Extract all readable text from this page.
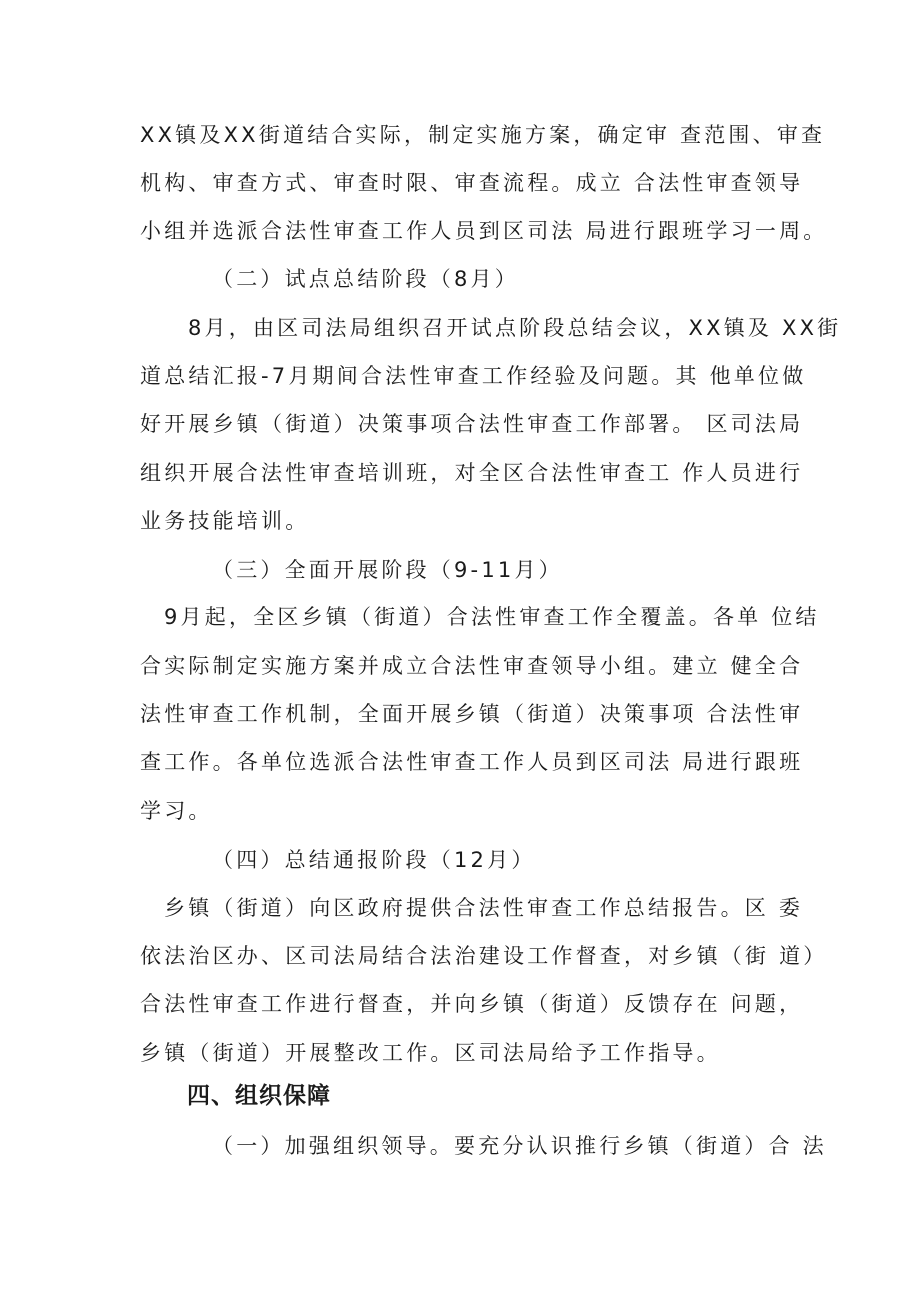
XX镇及XX街道结合实际，制定实施方案，确定审 查范围、审查
机构、审查方式、审查时限、审查流程。成立 合法性审查领导
小组并选派合法性审查工作人员到区司法 局进行跟班学习一周。
（二）试点总结阶段（8月）
8月，由区司法局组织召开试点阶段总结会议，XX镇及 XX街
道总结汇报-7月期间合法性审查工作经验及问题。其 他单位做
好开展乡镇（街道）决策事项合法性审查工作部署。 区司法局
组织开展合法性审查培训班，对全区合法性审查工 作人员进行
业务技能培训。
（三）全面开展阶段（9-11月）
9月起，全区乡镇（街道）合法性审查工作全覆盖。各单 位结
合实际制定实施方案并成立合法性审查领导小组。建立 健全合
法性审查工作机制，全面开展乡镇（街道）决策事项 合法性审
查工作。各单位选派合法性审查工作人员到区司法 局进行跟班
学习。
（四）总结通报阶段（12月）
乡镇（街道）向区政府提供合法性审查工作总结报告。区 委
依法治区办、区司法局结合法治建设工作督查，对乡镇（街 道）
合法性审查工作进行督查，并向乡镇（街道）反馈存在 问题，
乡镇（街道）开展整改工作。区司法局给予工作指导。
四、组织保障
（一）加强组织领导。要充分认识推行乡镇（街道）合 法
